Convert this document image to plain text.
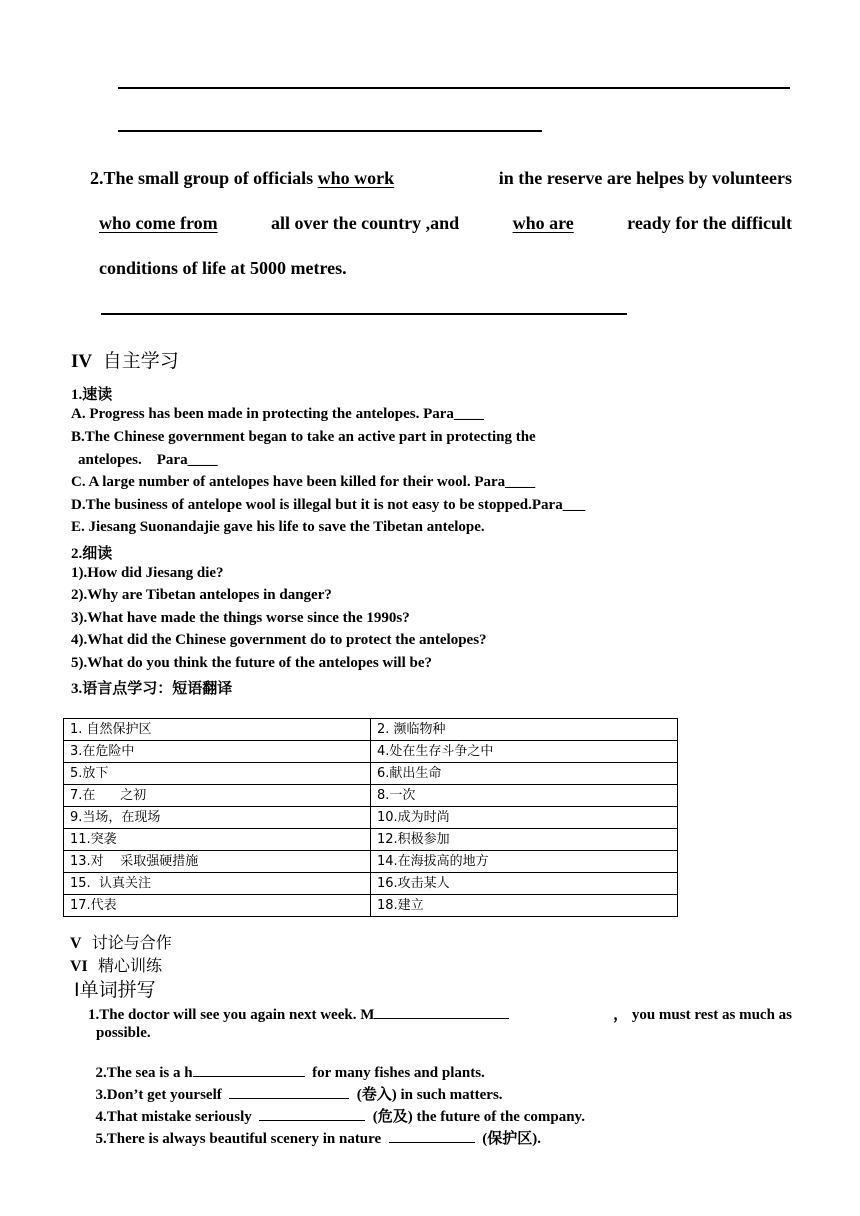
2.The small group of officials who work	in the reserve are helpes by volunteers
who come from	all over the country ,and	who are	ready for the difficult
conditions of life at 5000 metres.
IV 自主学习
1.速读
A. Progress has been made in protecting the antelopes. Para____
B.The Chinese government began to take an active part in protecting the
antelopes.    Para____
C. A large number of antelopes have been killed for their wool. Para____
D.The business of antelope wool is illegal but it is not easy to be stopped.Para___
E. Jiesang Suonandajie gave his life to save the Tibetan antelope.
2.细读
1).How did Jiesang die?
2).Why are Tibetan antelopes in danger?
3).What have made the things worse since the 1990s?
4).What did the Chinese government do to protect the antelopes?
5).What do you think the future of the antelopes will be?
3.语言点学习：短语翻译
1. 自然保护区	2. 濒临物种
3.在危险中	4.处在生存斗争之中
5.放下	6.献出生命
7.在      之初	8.一次
9.当场，在现场	10.成为时尚
11.突袭	12.积极参加
13.对    采取强硬措施	14.在海拔高的地方
15.  认真关注	16.攻击某人
17.代表	18.建立
V 讨论与合作
VI 精心训练
Ⅰ单词拼写
1.The doctor will see you again next week. M	， you must rest as much as
possible.

2.The sea is a h	for many fishes and plants.

3.Don’t get yourself	(卷入) in such matters.

4.That mistake seriously	(危及) the future of the company.

5.There is always beautiful scenery in nature	(保护区).
